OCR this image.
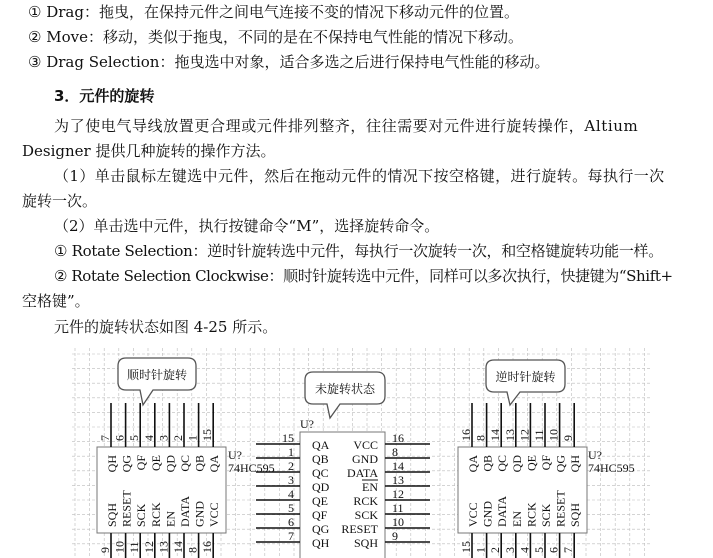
① Drag：拖曳，在保持元件之间电气连接不变的情况下移动元件的位置。
② Move：移动，类似于拖曳，不同的是在不保持电气性能的情况下移动。
③ Drag Selection：拖曳选中对象，适合多选之后进行保持电气性能的移动。
3．元件的旋转
为了使电气导线放置更合理或元件排列整齐，往往需要对元件进行旋转操作，Altium
Designer 提供几种旋转的操作方法。
（1）单击鼠标左键选中元件，然后在拖动元件的情况下按空格键，进行旋转。每执行一次
旋转一次。
（2）单击选中元件，执行按键命令“M”，选择旋转命令。
① Rotate Selection：逆时针旋转选中元件，每执行一次旋转一次，和空格键旋转功能一样。
② Rotate Selection Clockwise：顺时针旋转选中元件，同样可以多次执行，快捷键为“Shift+
空格键”。
元件的旋转状态如图 4-25 所示。
U?
15 QA	16
VCC
1 QB	8
GND
2 QC	14
DATA
3 QD	13
EN
4 QE	12
RCK
5 QF	11
SCK
6 QG	10
RESET
7 QH	9
SQH
7
9
QH
SQH
6
10
QG
RESET
5
11
QF
SCK
4
12
QE
RCK
3
13
QD
EN
2
14
QC
DATA
1
8
QB
GND
15
16
QA
VCC
U?
74HC595
16
15
QA
VCC
8
1
QB
GND
14
2
QC
DATA
13
3
QD
EN
12
4
QE
RCK
11
5
QF
SCK
10
6
QG
RESET
9
7
QH
SQH
U?
74HC595
顺时针旋转
未旋转状态
逆时针旋转
